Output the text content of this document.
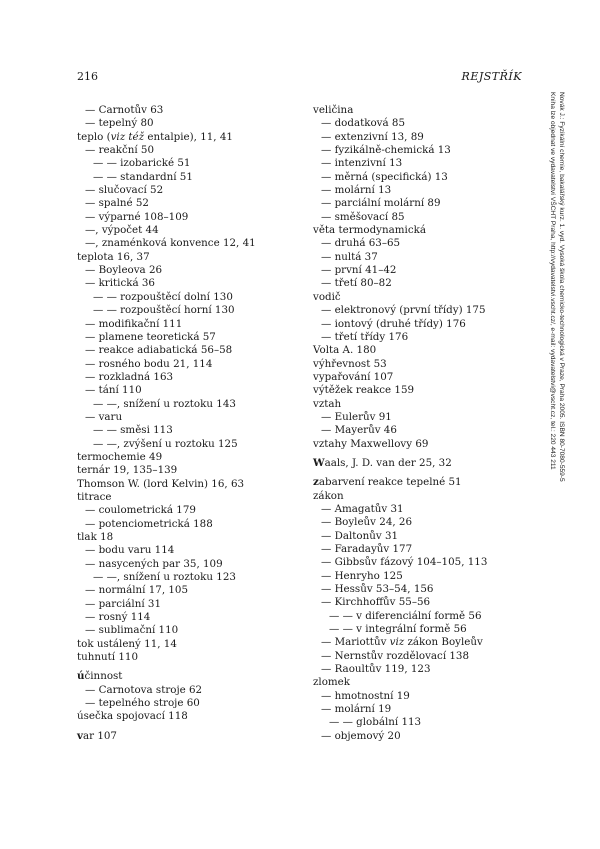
216	REJSTŘÍK
Novák J.: Fyzikální chemie, bakalářský kurz. 1. vyd. Vysoká škola chemicko-technologická v Praze, Praha 2005. ISBN 80-7080-559-5
Kniha lze objednat ve vydavatelství VŠCHT Praha, http://vydavatelstvi.vscht.cz/, e-mail: vydavatelstvi@vscht.cz, tel.: 220 443 211
— Carnotův 63
— tepelný 80
teplo (viz též entalpie), 11, 41
— reakční 50
— — izobarické 51
— — standardní 51
— slučovací 52
— spalné 52
— výparné 108–109
—, výpočet 44
—, znaménková konvence 12, 41
teplota 16, 37
— Boyleova 26
— kritická 36
— — rozpouštěcí dolní 130
— — rozpouštěcí horní 130
— modifikační 111
— plamene teoretická 57
— reakce adiabatická 56–58
— rosného bodu 21, 114
— rozkladná 163
— tání 110
— —, snížení u roztoku 143
— varu
— — směsi 113
— —, zvýšení u roztoku 125
termochemie 49
ternár 19, 135–139
Thomson W. (lord Kelvin) 16, 63
titrace
— coulometrická 179
— potenciometrická 188
tlak 18
— bodu varu 114
— nasycených par 35, 109
— —, snížení u roztoku 123
— normální 17, 105
— parciální 31
— rosný 114
— sublimační 110
tok ustálený 11, 14
tuhnutí 110
účinnost
— Carnotova stroje 62
— tepelného stroje 60
úsečka spojovací 118
var 107
veličina
— dodatková 85
— extenzivní 13, 89
— fyzikálně-chemická 13
— intenzivní 13
— měrná (specifická) 13
— molární 13
— parciální molární 89
— směšovací 85
věta termodynamická
— druhá 63–65
— nultá 37
— první 41–42
— třetí 80–82
vodič
— elektronový (první třídy) 175
— iontový (druhé třídy) 176
— třetí třídy 176
Volta A. 180
výhřevnost 53
vypařování 107
výtěžek reakce 159
vztah
— Eulerův 91
— Mayerův 46
vztahy Maxwellovy 69
Waals, J. D. van der 25, 32
zabarvení reakce tepelné 51
zákon
— Amagatův 31
— Boyleův 24, 26
— Daltonův 31
— Faradayův 177
— Gibbsův fázový 104–105, 113
— Henryho 125
— Hessův 53–54, 156
— Kirchhoffův 55–56
— — v diferenciální formě 56
— — v integrální formě 56
— Mariottův viz zákon Boyleův
— Nernstův rozdělovací 138
— Raoultův 119, 123
zlomek
— hmotnostní 19
— molární 19
— — globální 113
— objemový 20
